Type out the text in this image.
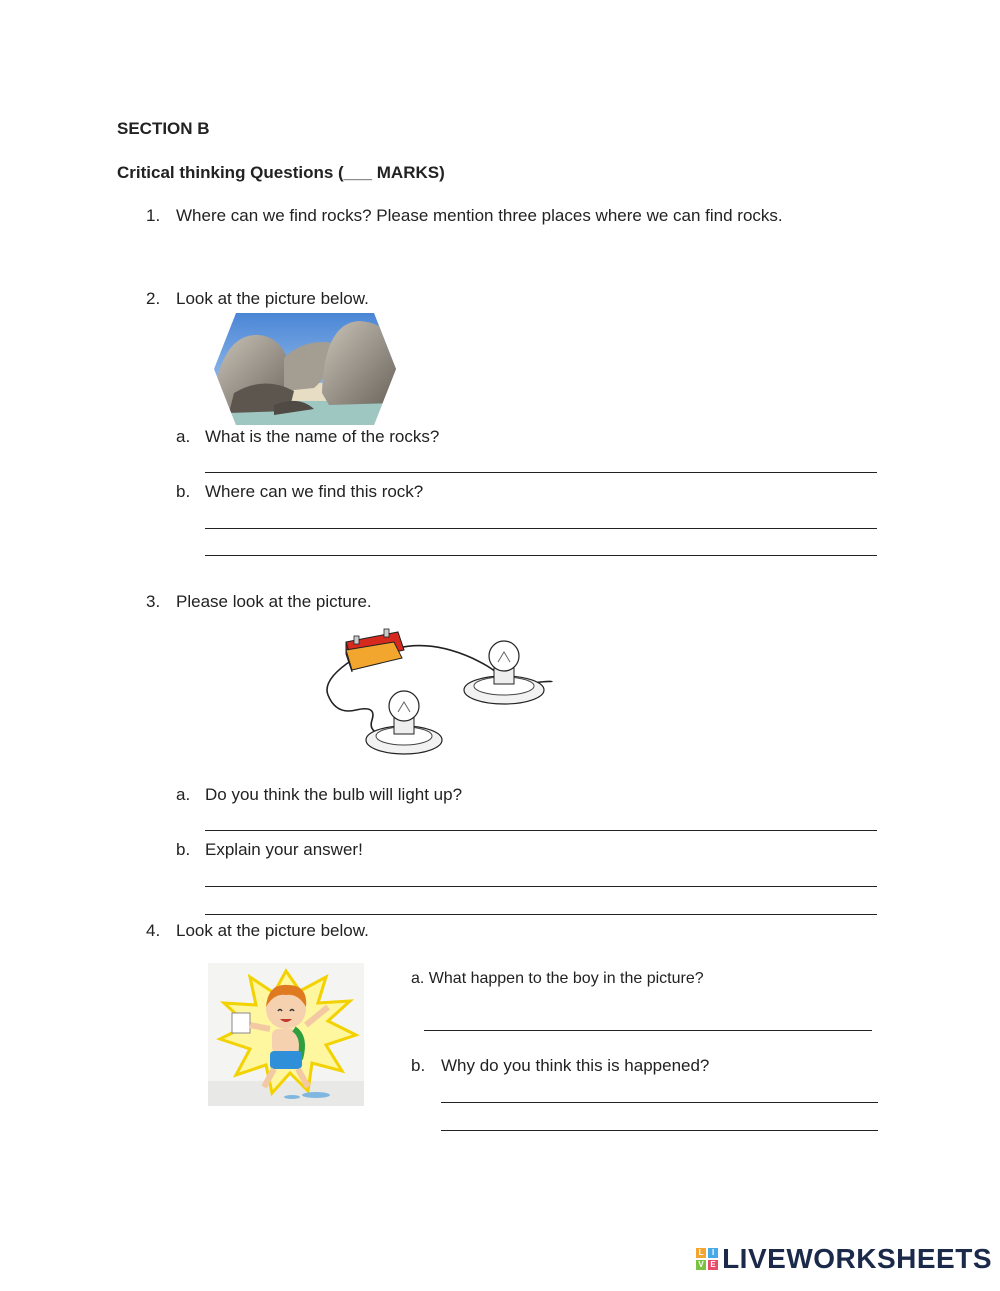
SECTION B
Critical thinking Questions (___ MARKS)
1. Where can we find rocks? Please mention three places where we can find rocks.
2. Look at the picture below.
a. What is the name of the rocks?
b. Where can we find this rock?
3. Please look at the picture.
a. Do you think the bulb will light up?
b. Explain your answer!
4. Look at the picture below.
a. What happen to the boy in the picture?
b. Why do you think this is happened?
L	I
V E LIVEWORKSHEETS
